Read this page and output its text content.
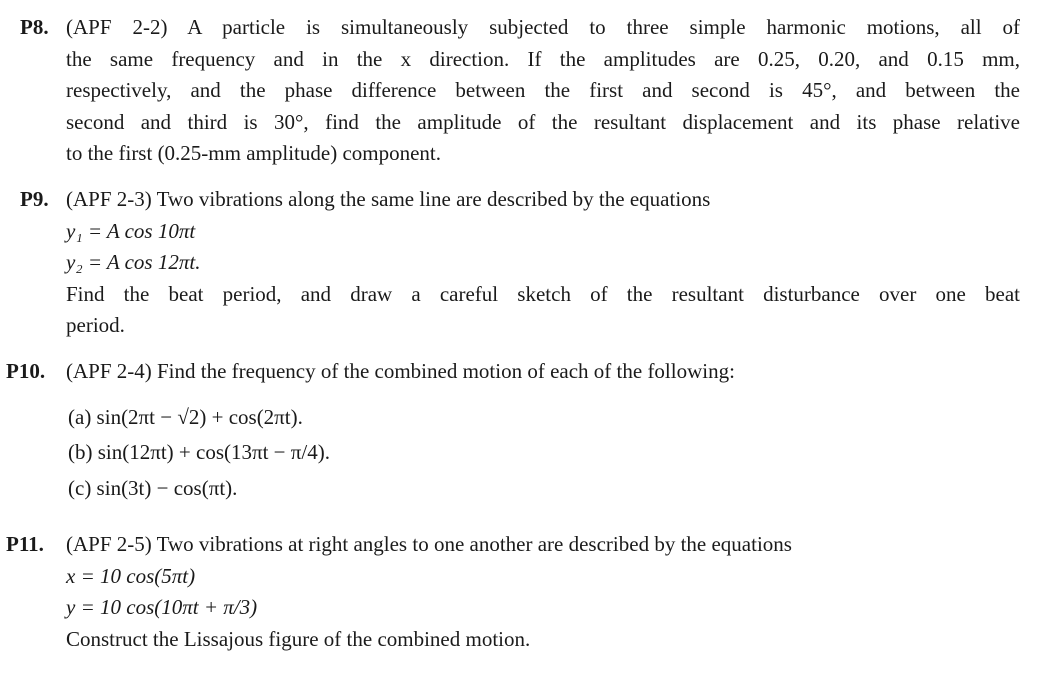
P8. (APF 2-2) A particle is simultaneously subjected to three simple harmonic motions, all of
the same frequency and in the x direction. If the amplitudes are 0.25, 0.20, and 0.15 mm,
respectively, and the phase difference between the first and second is 45°, and between the
second and third is 30°, find the amplitude of the resultant displacement and its phase relative
to the first (0.25-mm amplitude) component.
P9. (APF 2-3) Two vibrations along the same line are described by the equations
y₁ = A cos 10πt
y₂ = A cos 12πt.
Find the beat period, and draw a careful sketch of the resultant disturbance over one beat
period.
P10. (APF 2-4) Find the frequency of the combined motion of each of the following:
(a) sin(2πt − √2) + cos(2πt).
(b) sin(12πt) + cos(13πt − π/4).
(c) sin(3t) − cos(πt).
P11. (APF 2-5) Two vibrations at right angles to one another are described by the equations
x = 10 cos(5πt)
y = 10 cos(10πt + π/3)
Construct the Lissajous figure of the combined motion.
